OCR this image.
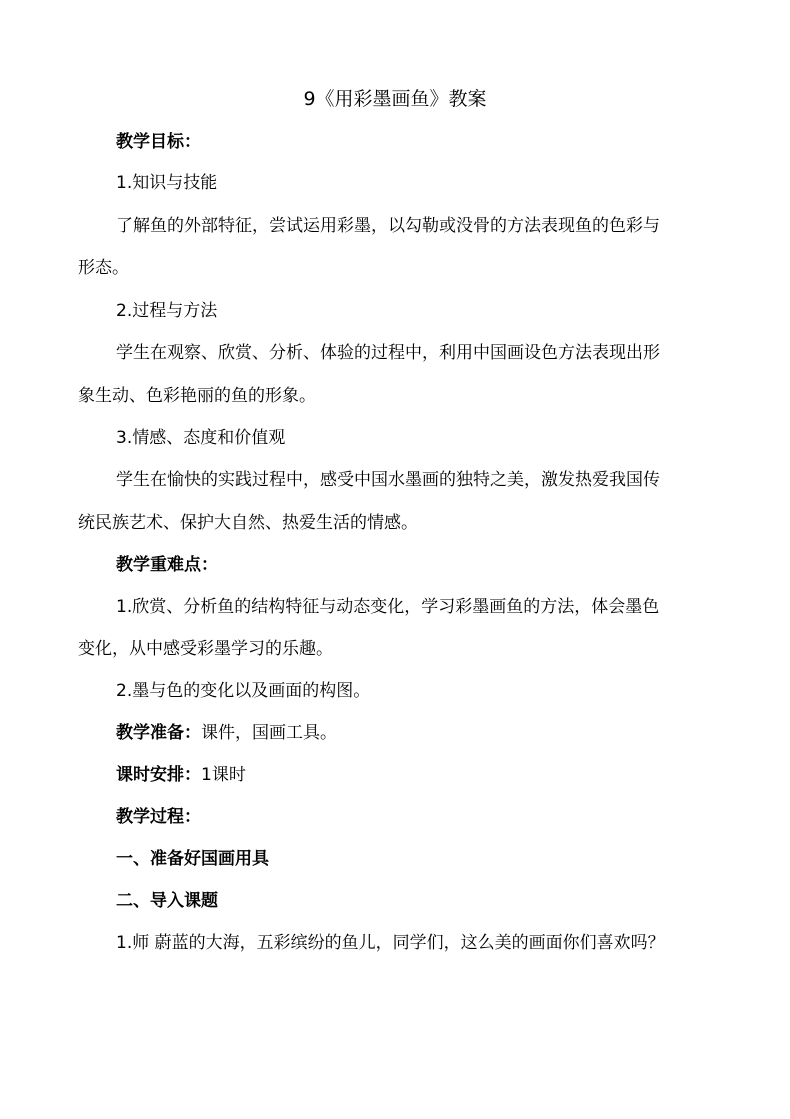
9《用彩墨画鱼》教案
教学目标：
1.知识与技能
了解鱼的外部特征，尝试运用彩墨，以勾勒或没骨的方法表现鱼的色彩与
形态。
2.过程与方法
学生在观察、欣赏、分析、体验的过程中，利用中国画设色方法表现出形
象生动、色彩艳丽的鱼的形象。
3.情感、态度和价值观
学生在愉快的实践过程中，感受中国水墨画的独特之美，激发热爱我国传
统民族艺术、保护大自然、热爱生活的情感。
教学重难点：
1.欣赏、分析鱼的结构特征与动态变化，学习彩墨画鱼的方法，体会墨色
变化，从中感受彩墨学习的乐趣。
2.墨与色的变化以及画面的构图。
教学准备：课件，国画工具。
课时安排：1课时
教学过程：
一、准备好国画用具
二、导入课题
1.师 蔚蓝的大海，五彩缤纷的鱼儿，同学们，这么美的画面你们喜欢吗？
